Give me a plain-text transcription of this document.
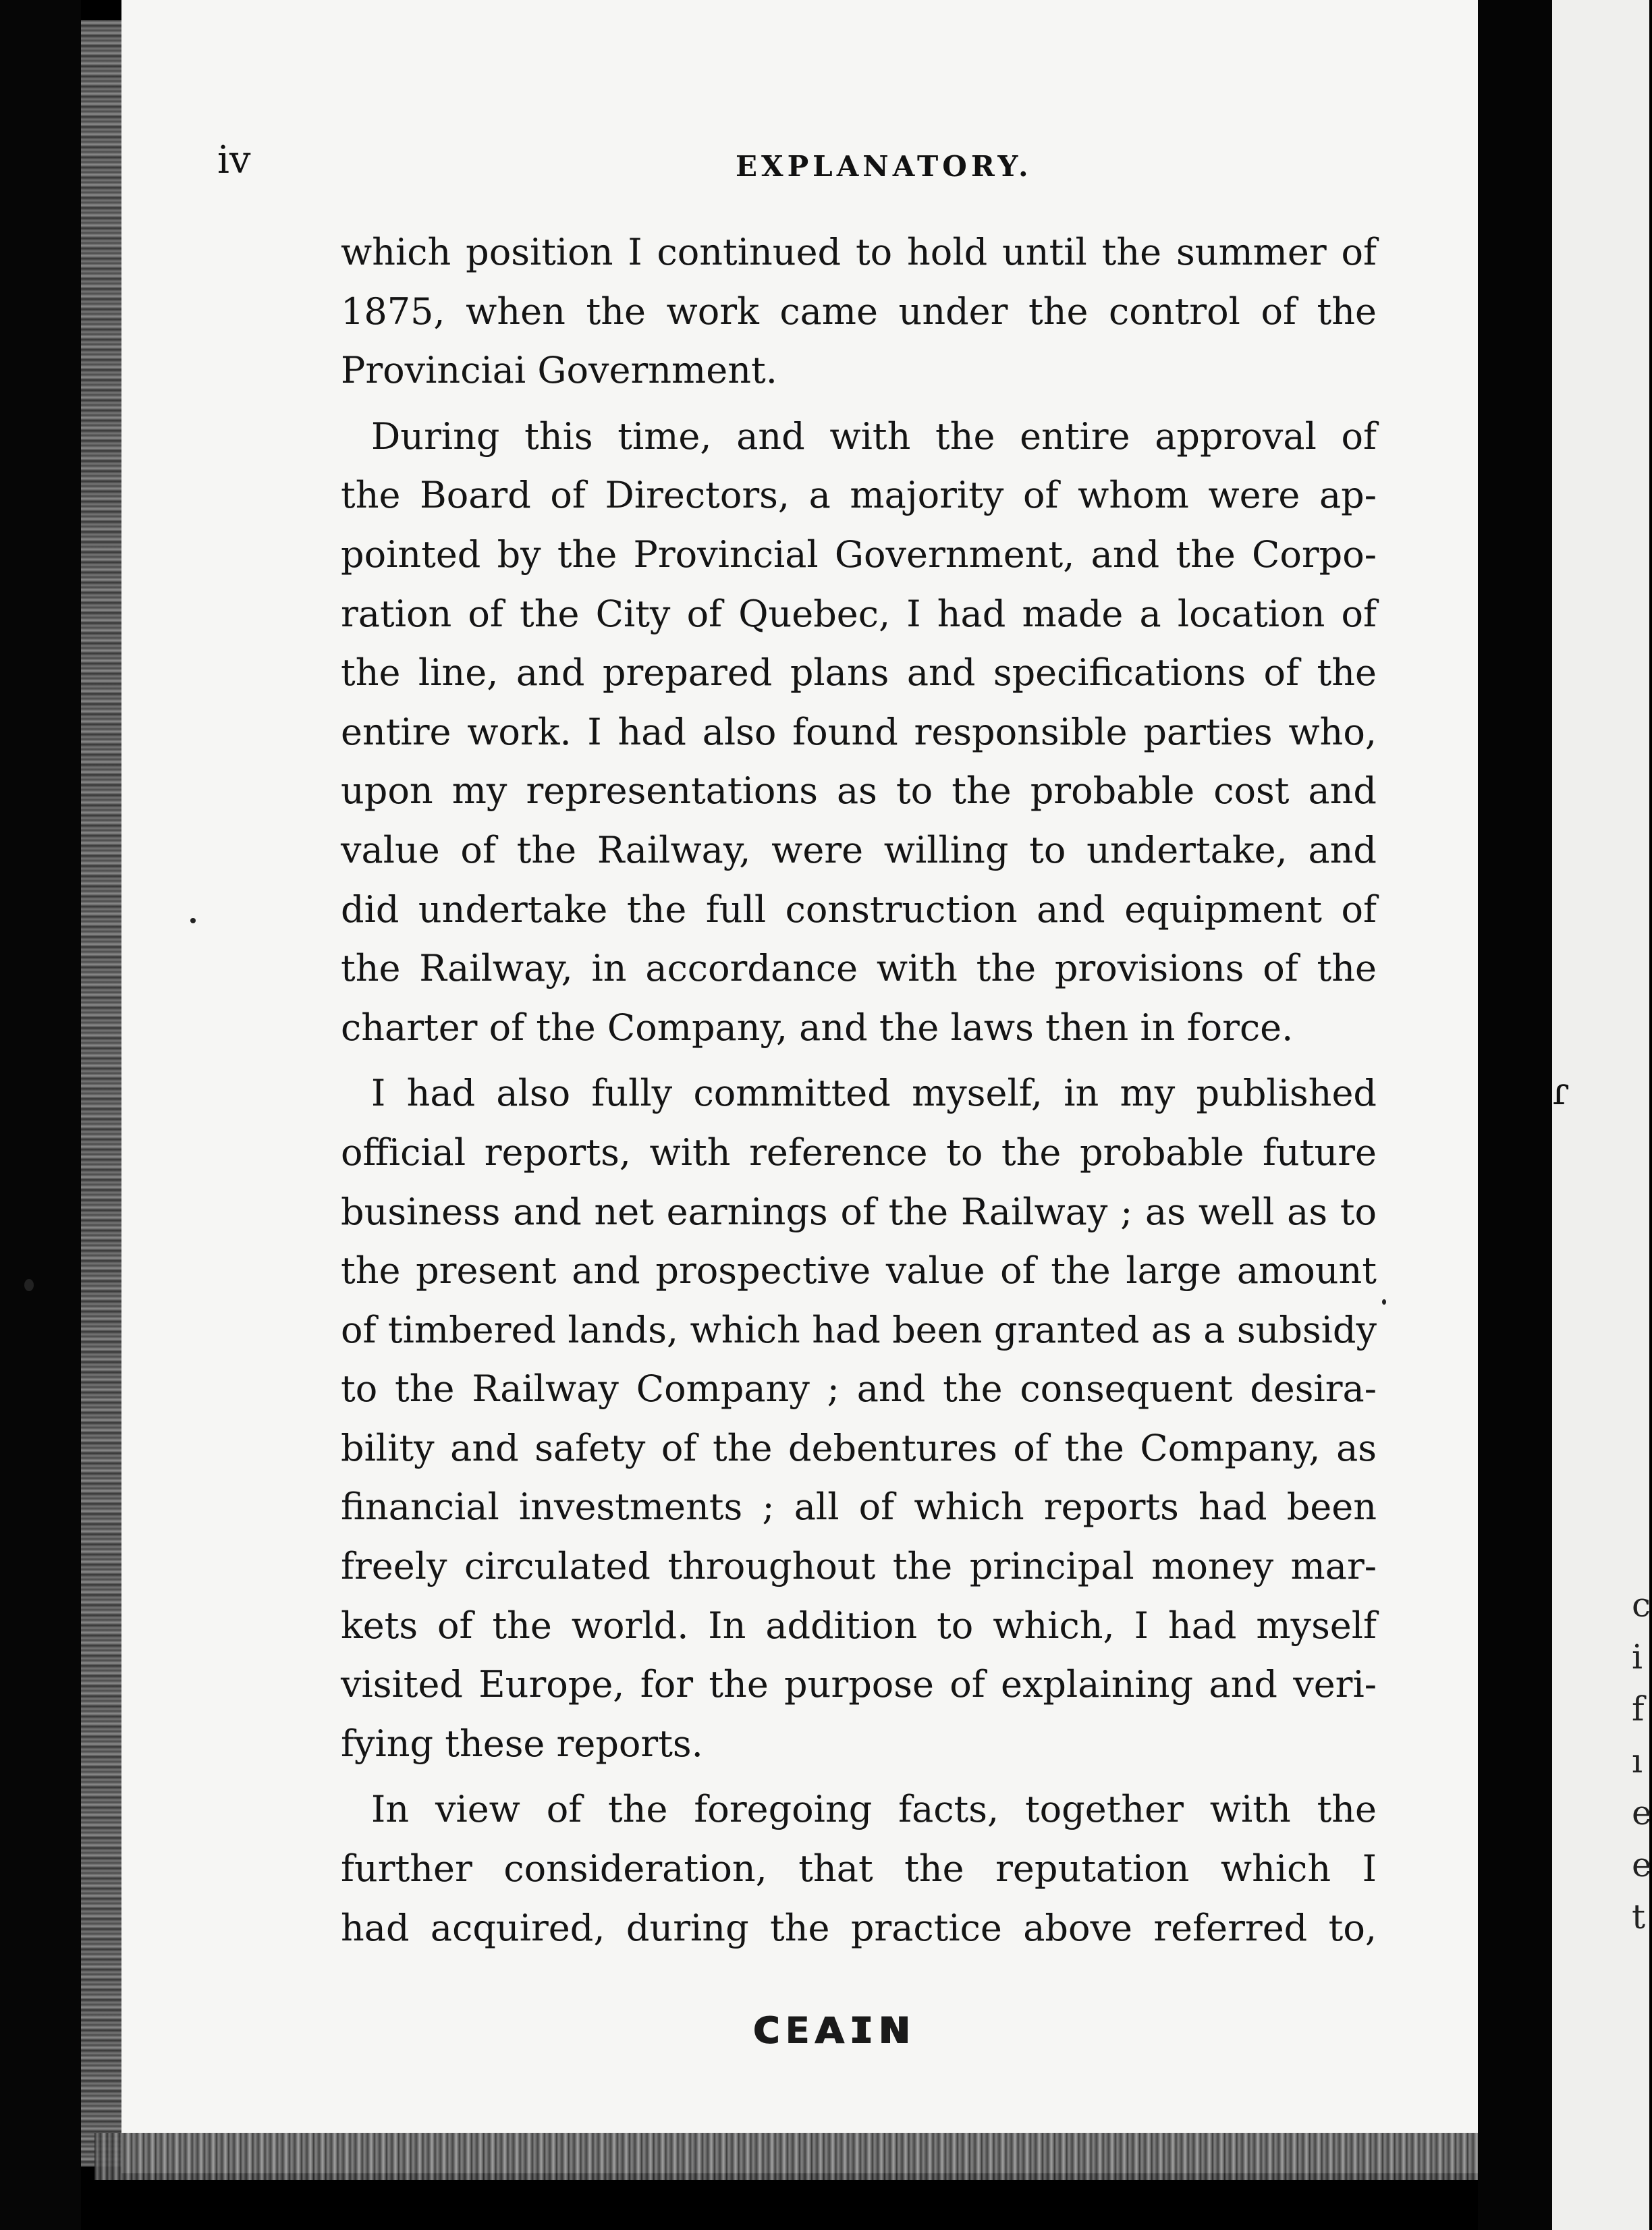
ɾ
c
i
f
ı
e
e
t
iv	EXPLANATORY.
which position I continued to hold until the summer of
1875, when the work came under the control of the
Provinciai Government.
During this time, and with the entire approval of
the Board of Directors, a majority of whom were ap-
pointed by the Provincial Government, and the Corpo-
ration of the City of Quebec, I had made a location of
the line, and prepared plans and specifications of the
entire work. I had also found responsible parties who,
upon my representations as to the probable cost and
value of the Railway, were willing to undertake, and
did undertake the full construction and equipment of
the Railway, in accordance with the provisions of the
charter of the Company, and the laws then in force.
I had also fully committed myself, in my published
official reports, with reference to the probable future
business and net earnings of the Railway ; as well as to
the present and prospective value of the large amount
of timbered lands, which had been granted as a subsidy
to the Railway Company ; and the consequent desira-
bility and safety of the debentures of the Company, as
financial investments ; all of which reports had been
freely circulated throughout the principal money mar-
kets of the world. In addition to which, I had myself
visited Europe, for the purpose of explaining and veri-
fying these reports.
In view of the foregoing facts, together with the
further consideration, that the reputation which I
had acquired, during the practice above referred to,
ᴄᴇᴀɪɴ
